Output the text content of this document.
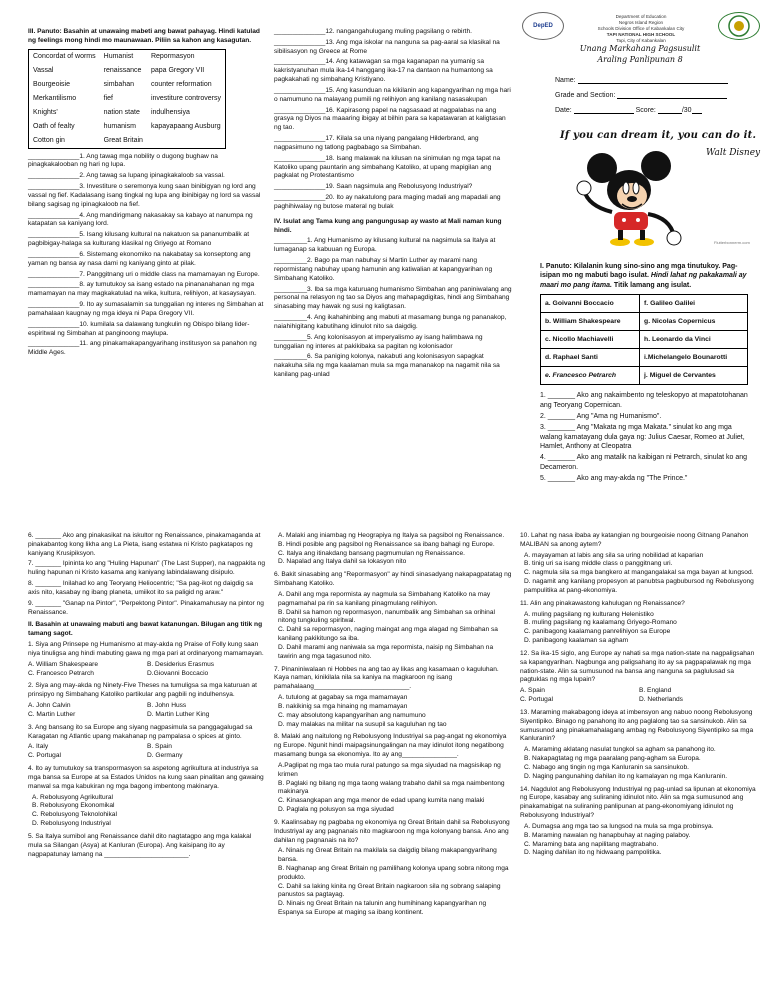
DepED
Department of Education
Negros Island Region
Schools Division Office of Kabankalan City
TAPI NATIONAL HIGH SCHOOL
Tapi, City of Kabankalan
Unang Markahang Pagsusulit
Araling Panlipunan 8
Name:
Grade and Section:
Date:	Score:	/30
If you can dream it, you can do it.
Walt Disney
Flutterbonnerm.com

III. Panuto: Basahin at unawaing mabeti ang bawat pahayag. Hindi katulad ng feelings mong hindi mo maunawaan. Piliin sa kahon ang kasagutan.

Concordat of worms	Humanist	Repormasyon
Vassal	renaissance	papa Gregory VII
Bourgeoisie	simbahan	counter reformation
Merkantilismo	fief	investiture controversy
Knights'	nation state	indulhensiya
Oath of fealty	humanism	kapayapaang Ausburg
Cotton gin	Great Britain	

______________1. Ang tawag mga nobility o dugong bughaw na pinagkakalooban ng hari ng lupa.

______________2. Ang tawag sa lupang ipinagkakaloob sa vassal.

______________3. Investiture o seremonya kung saan binibigyan ng lord ang vassal ng fief. Kadalasang isang tingkal ng lupa ang ibinibigay ng lord sa vassal bilang sagisag ng ipinagkaloob na fief.

______________4. Ang mandirigmang nakasakay sa kabayo at nanumpa ng katapatan sa kaniyang lord.

______________5. Isang kilusang kultural na nakatuon sa pananumbalik at pagbibigay-halaga sa kulturang klasikal ng Griyego at Romano

______________6. Sistemang ekonomiko na nakabatay sa konseptong ang yaman ng bansa ay nasa dami ng kaniyang ginto at pilak.

______________7. Panggitnang uri o middle class na mamamayan ng Europe.

______________8. ay tumutukoy sa isang estado na pinananahanan ng mga mamamayan na may magkakatulad na wika, kultura, relihiyon, at kasaysayan.

______________9. Ito ay sumasalamin sa tunggalian ng interes ng Simbahan at pamahalaan kaugnay ng mga ideya ni Papa Gregory VII.

______________10. kumilala sa dalawang tungkulin ng Obispo bilang lider-espiritwal ng Simbahan at panginoong maylupa.

______________11. ang pinakamakapangyarihang institusyon sa panahon ng Middle Ages.

______________12. nangangahulugang muling pagsilang o rebirth.

______________13. Ang mga iskolar na nanguna sa pag-aaral sa klasikal na sibilisasyon ng Greece at Rome

______________14. Ang katawagan sa mga kaganapan na yumanig sa kakristyanuhan mula ika-14 hanggang ika-17 na dantaon na humantong sa pagkakahati ng simbahang Kristiyano.

______________15. Ang kasunduan na kikilanin ang kapangyarihan ng mga hari o namumuno na malayang pumili ng relihiyon ang kanilang nasasakupan

______________16. Kapirasong papel na nagsasaad at nagpalabas na ang grasya ng Diyos na maaaring ibigay at bilhin para sa kapatawaran at kaligtasan ng tao.

______________17. Kilala sa una niyang pangalang Hilderbrand, ang nagpasimuno ng tatlong pagbabago sa Simbahan.

______________18. Isang malawak na kilusan na sinimulan ng mga tapat na Katoliko upang pauntarin ang simbahang Katoliko, at upang mapigilan ang pagkalat ng Protestantismo

______________19. Saan nagsimula ang Rebolusyong Industriyal?

______________20. Ito ay nakatulong para maging madali ang mapadali ang paghihiwalay ng butose materal ng bulak

IV. Isulat ang Tama kung ang pangungusap ay wasto at Mali naman kung hindi.

_________1. Ang Humanismo ay kilusang kultural na nagsimula sa Italya at lumaganap sa kabuuan ng Europa.

_________2. Bago pa man nabuhay si Martin Luther ay marami nang repormistang nabuhay upang hamunin ang katiwalian at kapangyarihan ng Simbahang Katoliko.

_________3. Iba sa mga katuruang humanismo Simbahan ang paniniwalang ang personal na relasyon ng tao sa Diyos ang mahapagdigitas, hindi ang Simbahang sinasabing may hawak ng susi ng kaligtasan.

_________4. Ang ikahahinbing ang mabuti at masamang bunga ng pananakop, naiahihigitang kabutihang idinulot nito sa daigdig.

_________5. Ang kolonisasyon at imperyalismo ay isang halimbawa ng tunggalian ng interes at pakikibaka sa pagitan ng kolonisador

_________6. Sa paniging kolonya, nakabuti ang kolonisasyon sapagkat nakakuha sila ng mga kaalaman mula sa mga mananakop na nagamit nila sa kanilang pag-unlad

I. Panuto: Kilalanin kung sino-sino ang mga tinutukoy. Pag-isipan mo ng mabuti bago isulat. Hindi lahat ng pakakamali ay maari mo pang itama. Titik lamang ang isulat.

a. Goivanni Boccacio	f. Galileo Galilei
b. William Shakespeare	g. Nicolas Copernicus
c. Nicollo Machiavelli	h. Leonardo da Vinci
d. Raphael Santi	i.Michelangelo Bounarotti
e. Francesco Petrarch	j. Miguel de Cervantes

1. _______ Ako ang nakaimbento ng teleskopyo at mapatotohanan ang Teoryang Copernican.

2. _______ Ang "Ama ng Humanismo".

3. _______ Ang "Makata ng mga Makata." sinulat ko ang mga walang kamatayang dula gaya ng: Julius Caesar, Romeo at Juliet, Hamlet, Anthony at Cleopatra

4. _______ Ako ang matalik na kaibigan ni Petrarch, sinulat ko ang Decameron.

5. _______ Ako ang may-akda ng "The Prince."

6. _______ Ako ang pinakasikat na iskultor ng Renaissance, pinakamaganda at pinakabantog kong likha ang La Pieta, isang estatwa ni Kristo pagkatapos ng kaniyang Krusipiksyon.

7. _______ Ipininta ko ang "Huling Hapunan" (The Last Supper), na nagpakita ng huling hapunan ni Kristo kasama ang kaniyang labindalawang disipulo.

8. _______ Inilahad ko ang Teoryang Heliocentric; "Sa pag-ikot ng daigdig sa axis nito, kasabay ng ibang planeta, umiikot ito sa paligid ng araw."

9. _______ "Ganap na Pintor", "Perpektong Pintor". Pinakamahusay na pintor ng Renaissance.

II. Basahin at unawaing mabuti ang bawat katanungan. Bilugan ang titik ng tamang sagot.

1. Siya ang Prinsepe ng Humanismo at may-akda ng Praise of Folly kung saan niya tinuligsa ang hindi mabuting gawa ng mga pari at ordinaryong mamamayan.

A. William Shakespeare	B. Desiderius Erasmus
C. Francesco Petrarch	D.Giovanni Boccacio

2. Siya ang may-akda ng Ninety-Five Theses na tumuligsa sa mga katuruan at prinsipyo ng Simbahang Katoliko partikular ang pagbili ng indulhensya.

A. John Calvin	B. John Huss
C. Martin Luther	D. Martin Luther King

3. Ang bansang ito sa Europe ang siyang nagpasimula sa panggagalugad sa Karagatan ng Atlantic upang makahanap ng pampalasa o spices at ginto.

A. Italy	B. Spain
C. Portugal	D. Germany

4. Ito ay tumutukoy sa transpormasyon sa aspetong agrikultura at industriya sa mga bansa sa Europe at sa Estados Unidos na kung saan pinalitan ang gawaing manwal sa mga kabukiran ng mga bagong imbentong makinarya.

A. Rebolusyong Agrikultural
B. Rebolusyong Ekonomikal
C. Rebolusyong Teknolohikal
D. Rebolusyong Industriyal

5. Sa Italya sumibol ang Renaissance dahil dito nagtatagpo ang mga kalakal mula sa Silangan (Asya) at Kanluran (Europa). Ang kaisipang ito ay nagpapatunay lamang na _______________________.

A. Malaki ang iniambag ng Heograpiya ng Italya sa pagsibol ng Renaissance.
B. Hindi posible ang pagsibol ng Renaissance sa ibang bahagi ng Europe.
C. Italya ang itinakdang bansang pagmumulan ng Renaissance.
D. Napalad ang Italya dahil sa lokasyon nito

6. Bakit sinasabing ang "Repormasyon" ay hindi sinasadyang nakapagpatatag ng Simbahang Katoliko.

A. Dahil ang mga repormista ay nagmula sa Simbahang Katoliko na may pagmamahal pa rin sa kanilang pinagmulang relihiyon.
B. Dahil sa hamon ng repormasyon, nanumbalik ang Simbahan sa orihinal nitong tungkuling spiritwal.
C. Dahil sa repormasyon, naging maingat ang mga alagad ng Simbahan sa kanilang pakikitungo sa iba.
D. Dahil marami ang naniwala sa mga repormista, naisip ng Simbahan na tawirin ang mga tagasunod nito.

7. Pinaniniwalaan ni Hobbes na ang tao ay likas ang kasamaan o kaguluhan. Kaya naman, kinikilala nila sa kaniya na magkaroon ng isang pamahalaang__________________________.

A. tutulong at gagabay sa mga mamamayan
B. nakikinig sa mga hinaing ng mamamayan
C. may absolutong kapangyarihan ang namumuno
D. may malakas na militar na susupil sa kaguluhan ng tao

8. Malaki ang naitulong ng Rebolusyong Industriyal sa pag-angat ng ekonomiya ng Europe. Ngunit hindi maipagsinungalingan na may idinulot itong negatibong masamang bunga sa ekonomiya. Ito ay ang_______________.

A.Paglipat ng mga tao mula rural patungo sa mga siyudad na magsisikap ng krimen
B. Paglaki ng bilang ng mga taong walang trabaho dahil sa mga naimbentong makinarya
C. Kinasangkapan ang mga menor de edad upang kumita nang malaki
D. Paglala ng polusyon sa mga siyudad

9. Kaalinsabay ng pagbaba ng ekonomiya ng Great Britain dahil sa Rebolusyong Industriyal ay ang pagnanais nito magkaroon ng mga kolonyang bansa. Ano ang dahilan ng pagnanais na ito?

A. Ninais ng Great Britain na makilala sa daigdig bilang makapangyarihang bansa.
B. Naghanap ang Great Britain ng pamilihang kolonya upang sobra nitong mga produkto.
C. Dahil sa laking kinita ng Great Britain nagkaroon sila ng sobrang salaping panustos sa pagtayag.
D. Ninais ng Great Britain na talunin ang humihinang kapangyarihan ng Espanya sa Europe at maging sa ibang kontinent.

10. Lahat ng nasa ibaba ay katangian ng bourgeoisie noong Gitnang Panahon MALIBAN sa anong aytem?

A. mayayaman at labis ang sila sa uring nobilidad at kaparian
B. tinig uri sa isang middle class o panggitnang uri.
C. nagmula sila sa mga bangkero at mangangalakal sa mga bayan at lungsod.
D. nagamit ang kanilang propesyon at panubtsa pagbubursod ng Rebolusyong pampulitika at pang-ekonomiya.

11. Alin ang pinakawastong kahulugan ng Renaissance?

A. muling pagsilang ng kulturang Helenistiko
B. muling pagsilang ng kaalamang Griyego-Romano
C. panibagong kaalamang panrelihiyon sa Europe
D. panibagong kaalaman sa agham

12. Sa ika-15 siglo, ang Europe ay nahati sa mga nation-state na nagpaligsahan sa kapangyarihan. Nagbunga ang paligsahang ito ay sa pagpapalawak ng mga nation-state. Alin sa sumusunod na bansa ang nanguna sa paglulusad sa pagtuklas ng mga lupain?

A. Spain	B. England
C. Portugal	D. Netherlands

13. Maraming makabagong ideya at imbensyon ang nabuo noong Rebolusyong Siyentipiko. Binago ng panahong ito ang paglalong tao sa sansinukob. Alin sa sumusunod ang pinakamahalagang ambag ng Rebolusyong Siyentipiko sa mga Kanluranin?

A. Maraming aklatang nasulat tungkol sa agham sa panahong ito.
B. Nakapagtatag ng mga paaralang pang-agham sa Europa.
C. Nabago ang tingin ng mga Kanluranin sa sansinukob.
D. Naging pangunahing dahilan ito ng kamalayan ng mga Kanluranin.

14. Nagdulot ang Rebolusyong Industriyal ng pag-unlad sa lipunan at ekonomiya ng Europe, kasabay ang suliraning idinulot nito. Alin sa mga sumusunod ang pinakamabigat na suliraning panlipunan at pang-ekonomiyang idinulot ng Rebolusyong Industriyal?

A. Dumagsa ang mga tao sa lungsod na mula sa mga probinsya.
B. Maraming nawalan ng hanapbuhay at naging palaboy.
C. Maraming bata ang napilitang magtrabaho.
D. Naging dahilan ito ng hidwaang pampolitika.
